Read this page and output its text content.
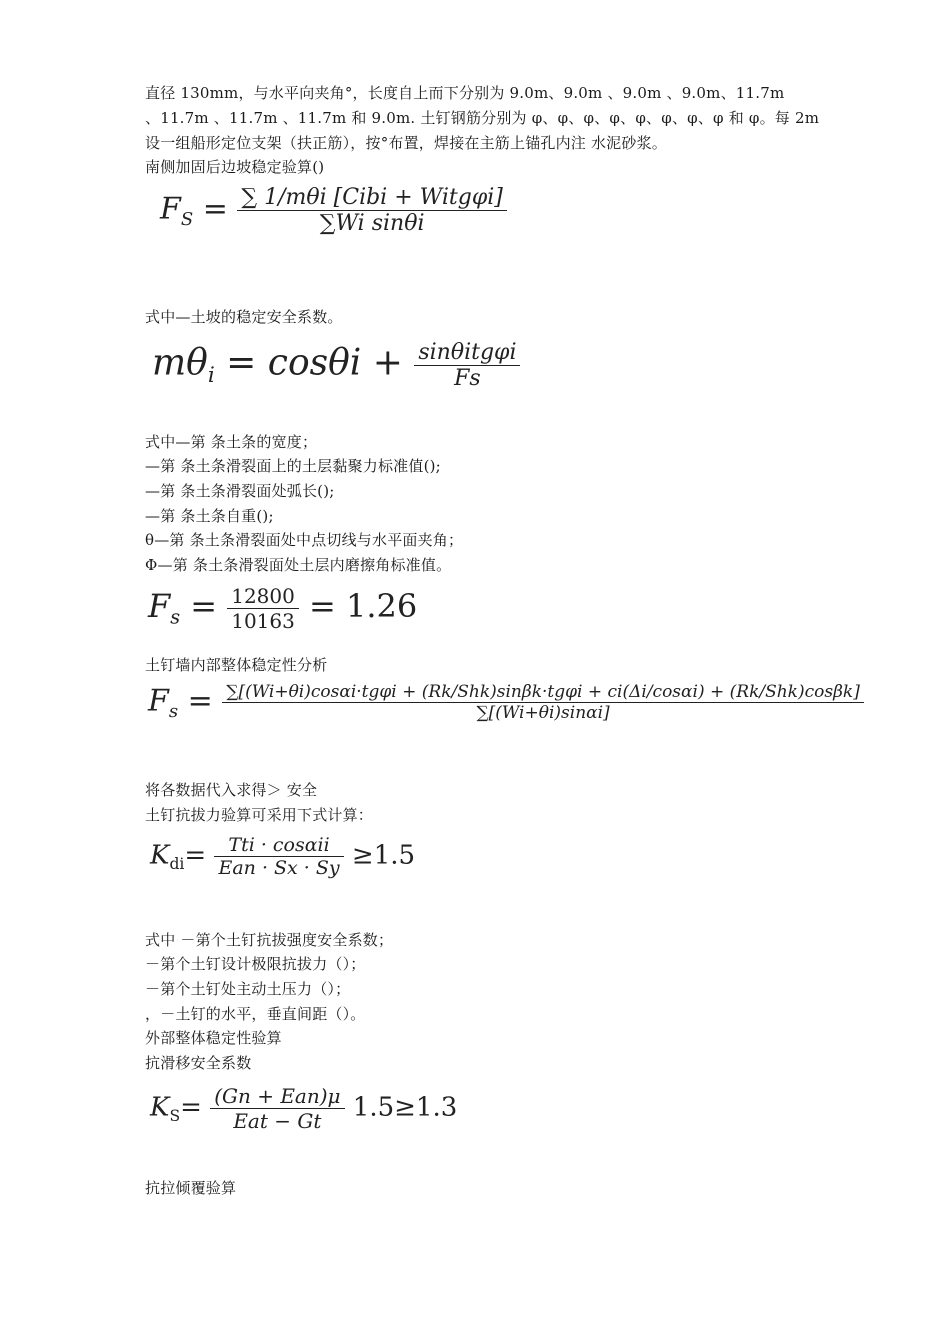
直径 130mm，与水平向夹角°，长度自上而下分别为 9.0m、9.0m 、9.0m 、9.0m、11.7m
、11.7m 、11.7m 、11.7m 和 9.0m. 土钉钢筋分别为 φ、φ、φ、φ、φ、φ、φ、φ 和 φ。每 2m
设一组船形定位支架（扶正筋），按°布置，焊接在主筋上锚孔内注 水泥砂浆。
南侧加固后边坡稳定验算()
$F_S = \frac{\text{∑ 1/mθi [Cibi + Witgφi]}}{\text{∑Wi sinθi}}$
式中—土坡的稳定安全系数。
$m\theta_i = \cos\theta i + \frac{\text{sinθitgφi}}{Fs}$
式中—第 条土条的宽度；
—第 条土条滑裂面上的土层黏聚力标准值();
—第 条土条滑裂面处弧长();
—第 条土条自重();
θ—第 条土条滑裂面处中点切线与水平面夹角；
Φ—第 条土条滑裂面处土层内磨擦角标准值。
$F_s = \frac{12800}{10163} = 1.26$
土钉墙内部整体稳定性分析
$F_s = \sum[(Wi+\theta i)\cos\alpha i\cdot tg\varphi i + (Rk/Shk)\sin\beta k\cdot tg\varphi i + ci(\Delta i/\cos\alpha i) + (Rk/Shk)\cos\beta k]$
∑[(Wi+θi)sinαi]
将各数据代入求得＞ 安全
土钉抗拔力验算可采用下式计算：
$K_{di}= \frac{\text{Tti · cosαii}}{\text{Ean · Sx · Sy}} \ge 1.5$
式中 －第个土钉抗拔强度安全系数；
－第个土钉设计极限抗拔力（）；
－第个土钉处主动土压力（）；
，－土钉的水平，垂直间距（）。
外部整体稳定性验算
抗滑移安全系数
$K_S= \frac{\text{(Gn + Ean)μ}}{\text{Eat − Gt}} 1.5\ge 1.3$
抗拉倾覆验算
